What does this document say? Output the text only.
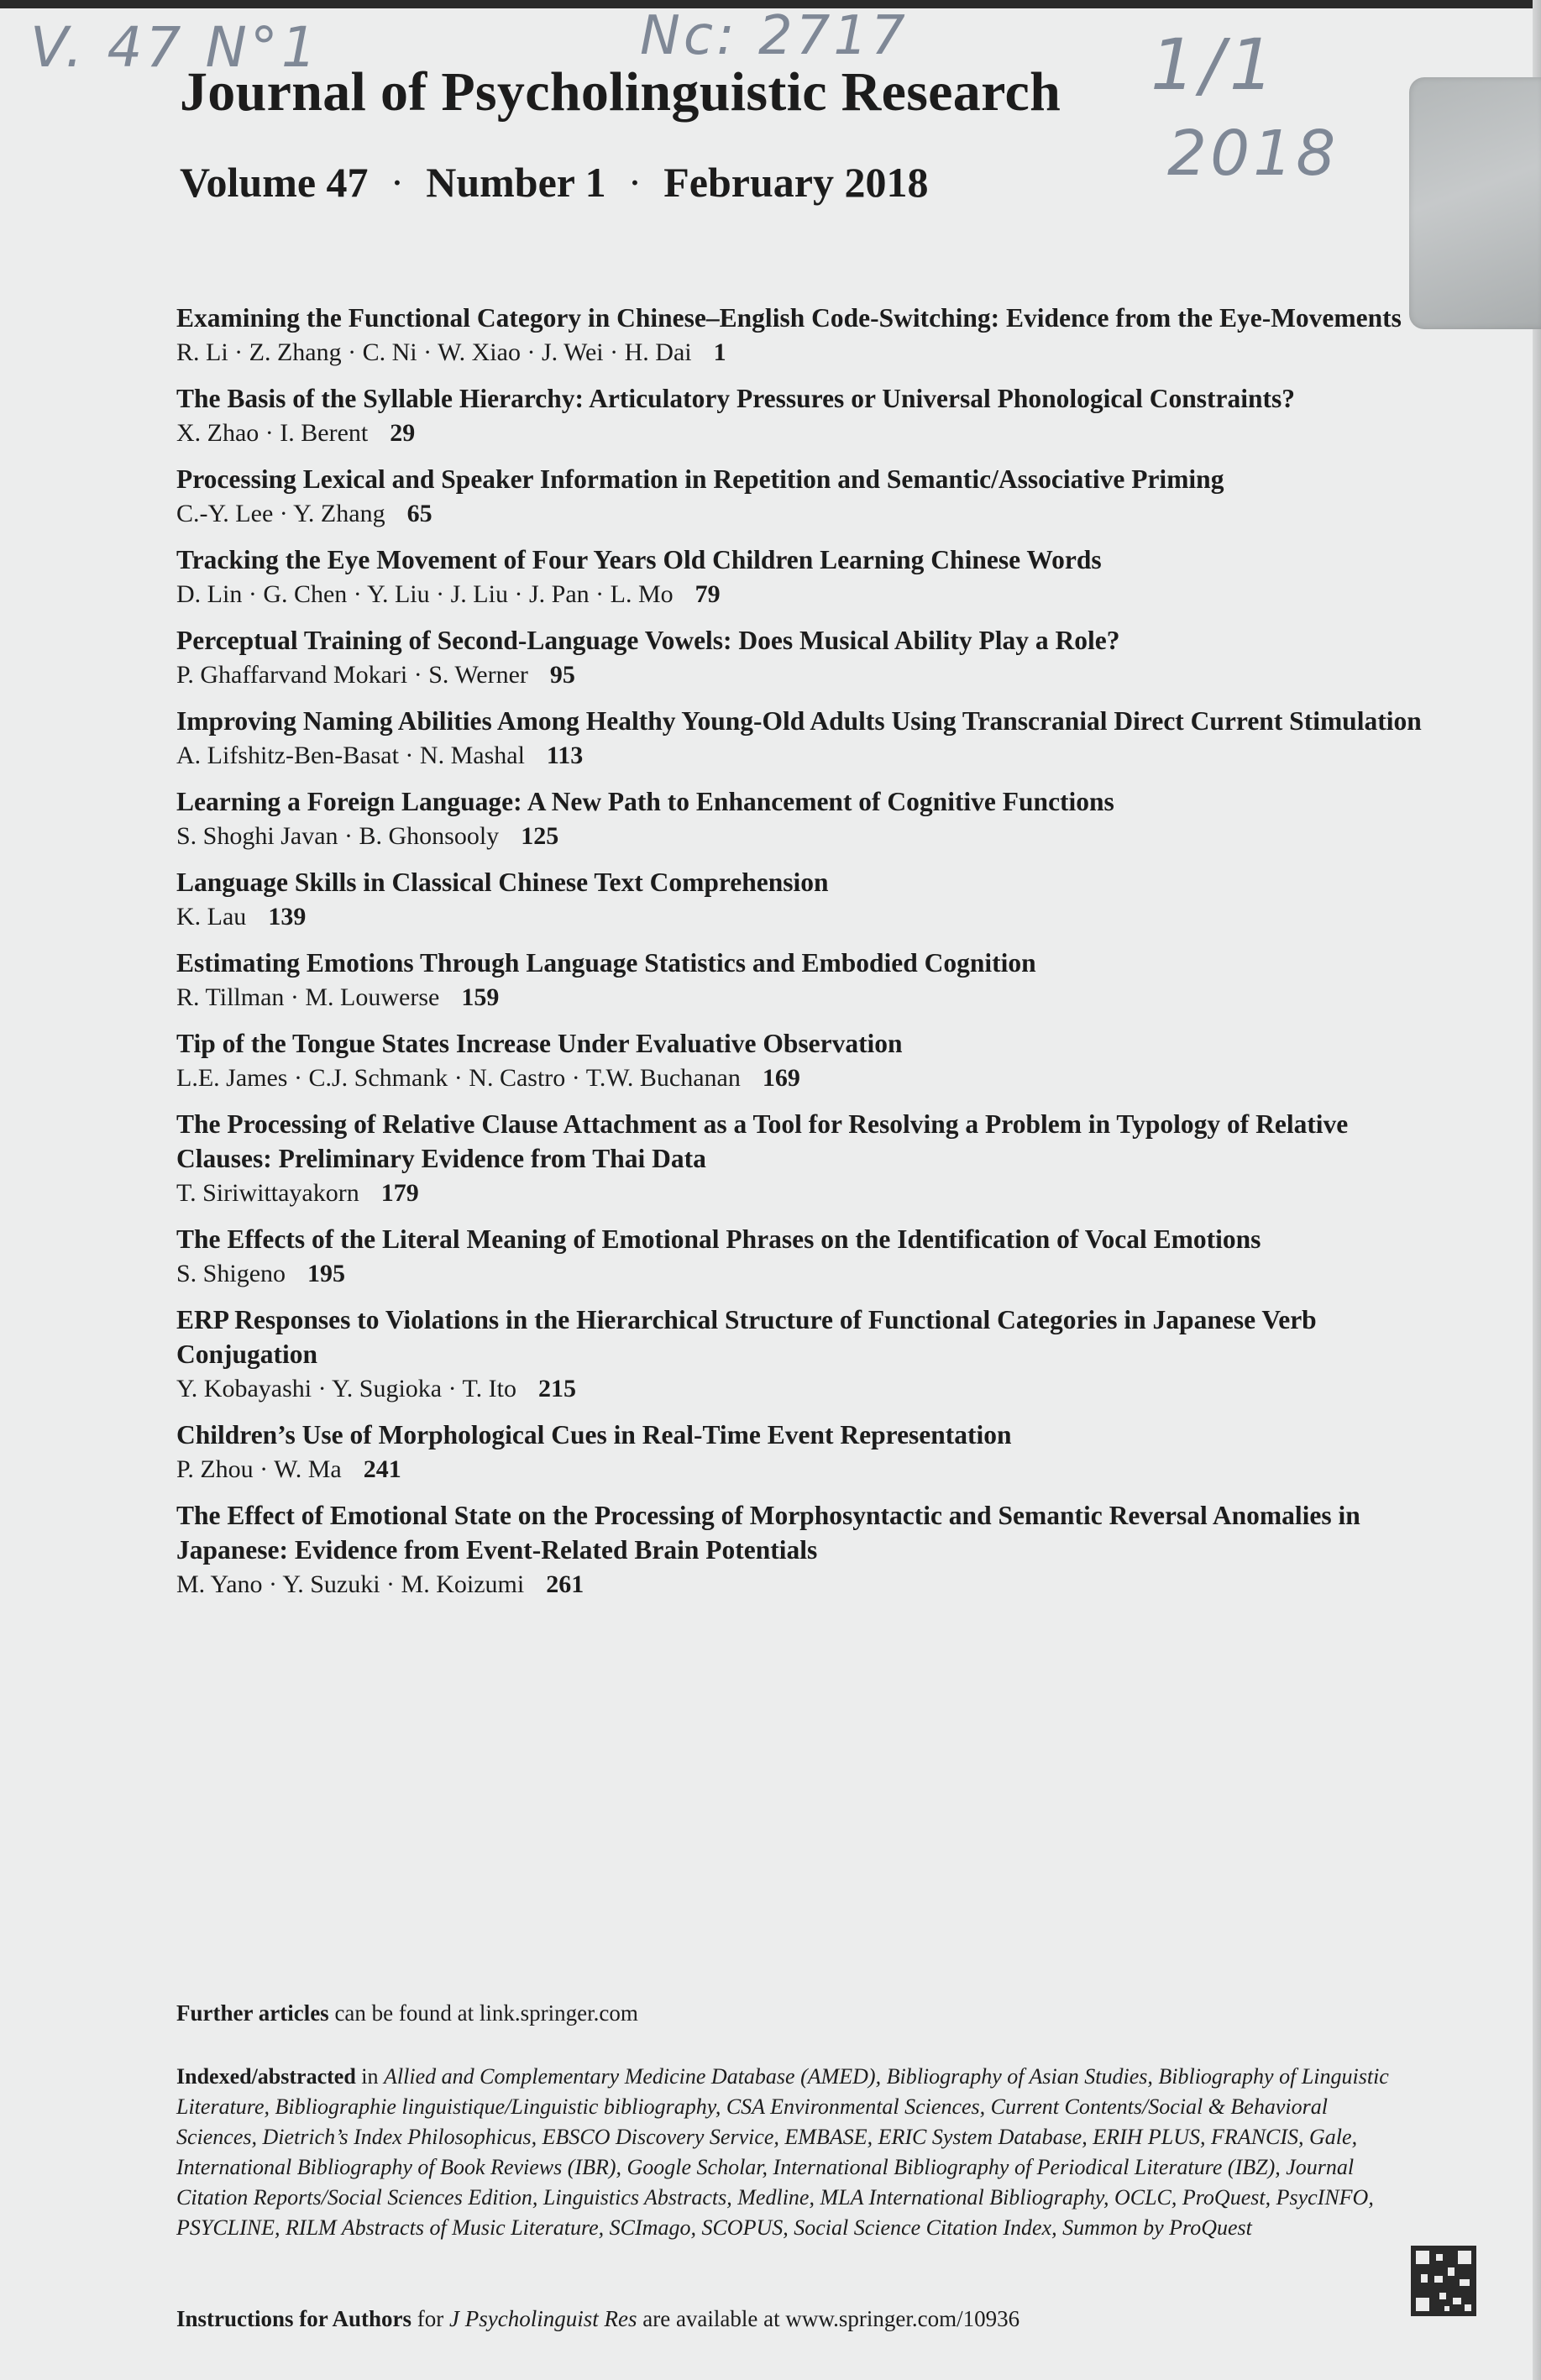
V. 47 N°1	Nc: 2717	1/1
2018
Journal of Psycholinguistic Research
Volume 47 · Number 1 · February 2018
Examining the Functional Category in Chinese–English Code-Switching: Evidence from the Eye-Movements
R. Li · Z. Zhang · C. Ni · W. Xiao · J. Wei · H. Dai 1
The Basis of the Syllable Hierarchy: Articulatory Pressures or Universal Phonological Constraints?
X. Zhao · I. Berent 29
Processing Lexical and Speaker Information in Repetition and Semantic/Associative Priming
C.-Y. Lee · Y. Zhang 65
Tracking the Eye Movement of Four Years Old Children Learning Chinese Words
D. Lin · G. Chen · Y. Liu · J. Liu · J. Pan · L. Mo 79
Perceptual Training of Second-Language Vowels: Does Musical Ability Play a Role?
P. Ghaffarvand Mokari · S. Werner 95
Improving Naming Abilities Among Healthy Young-Old Adults Using Transcranial Direct Current Stimulation
A. Lifshitz-Ben-Basat · N. Mashal 113
Learning a Foreign Language: A New Path to Enhancement of Cognitive Functions
S. Shoghi Javan · B. Ghonsooly 125
Language Skills in Classical Chinese Text Comprehension
K. Lau 139
Estimating Emotions Through Language Statistics and Embodied Cognition
R. Tillman · M. Louwerse 159
Tip of the Tongue States Increase Under Evaluative Observation
L.E. James · C.J. Schmank · N. Castro · T.W. Buchanan 169
The Processing of Relative Clause Attachment as a Tool for Resolving a Problem in Typology of Relative Clauses: Preliminary Evidence from Thai Data
T. Siriwittayakorn 179
The Effects of the Literal Meaning of Emotional Phrases on the Identification of Vocal Emotions
S. Shigeno 195
ERP Responses to Violations in the Hierarchical Structure of Functional Categories in Japanese Verb Conjugation
Y. Kobayashi · Y. Sugioka · T. Ito 215
Children’s Use of Morphological Cues in Real-Time Event Representation
P. Zhou · W. Ma 241
The Effect of Emotional State on the Processing of Morphosyntactic and Semantic Reversal Anomalies in Japanese: Evidence from Event-Related Brain Potentials
M. Yano · Y. Suzuki · M. Koizumi 261
Further articles can be found at link.springer.com
Indexed/abstracted in Allied and Complementary Medicine Database (AMED), Bibliography of Asian Studies, Bibliography of Linguistic Literature, Bibliographie linguistique/Linguistic bibliography, CSA Environmental Sciences, Current Contents/Social & Behavioral Sciences, Dietrich’s Index Philosophicus, EBSCO Discovery Service, EMBASE, ERIC System Database, ERIH PLUS, FRANCIS, Gale, International Bibliography of Book Reviews (IBR), Google Scholar, International Bibliography of Periodical Literature (IBZ), Journal Citation Reports/Social Sciences Edition, Linguistics Abstracts, Medline, MLA International Bibliography, OCLC, ProQuest, PsycINFO, PSYCLINE, RILM Abstracts of Music Literature, SCImago, SCOPUS, Social Science Citation Index, Summon by ProQuest
Instructions for Authors for J Psycholinguist Res are available at www.springer.com/10936
